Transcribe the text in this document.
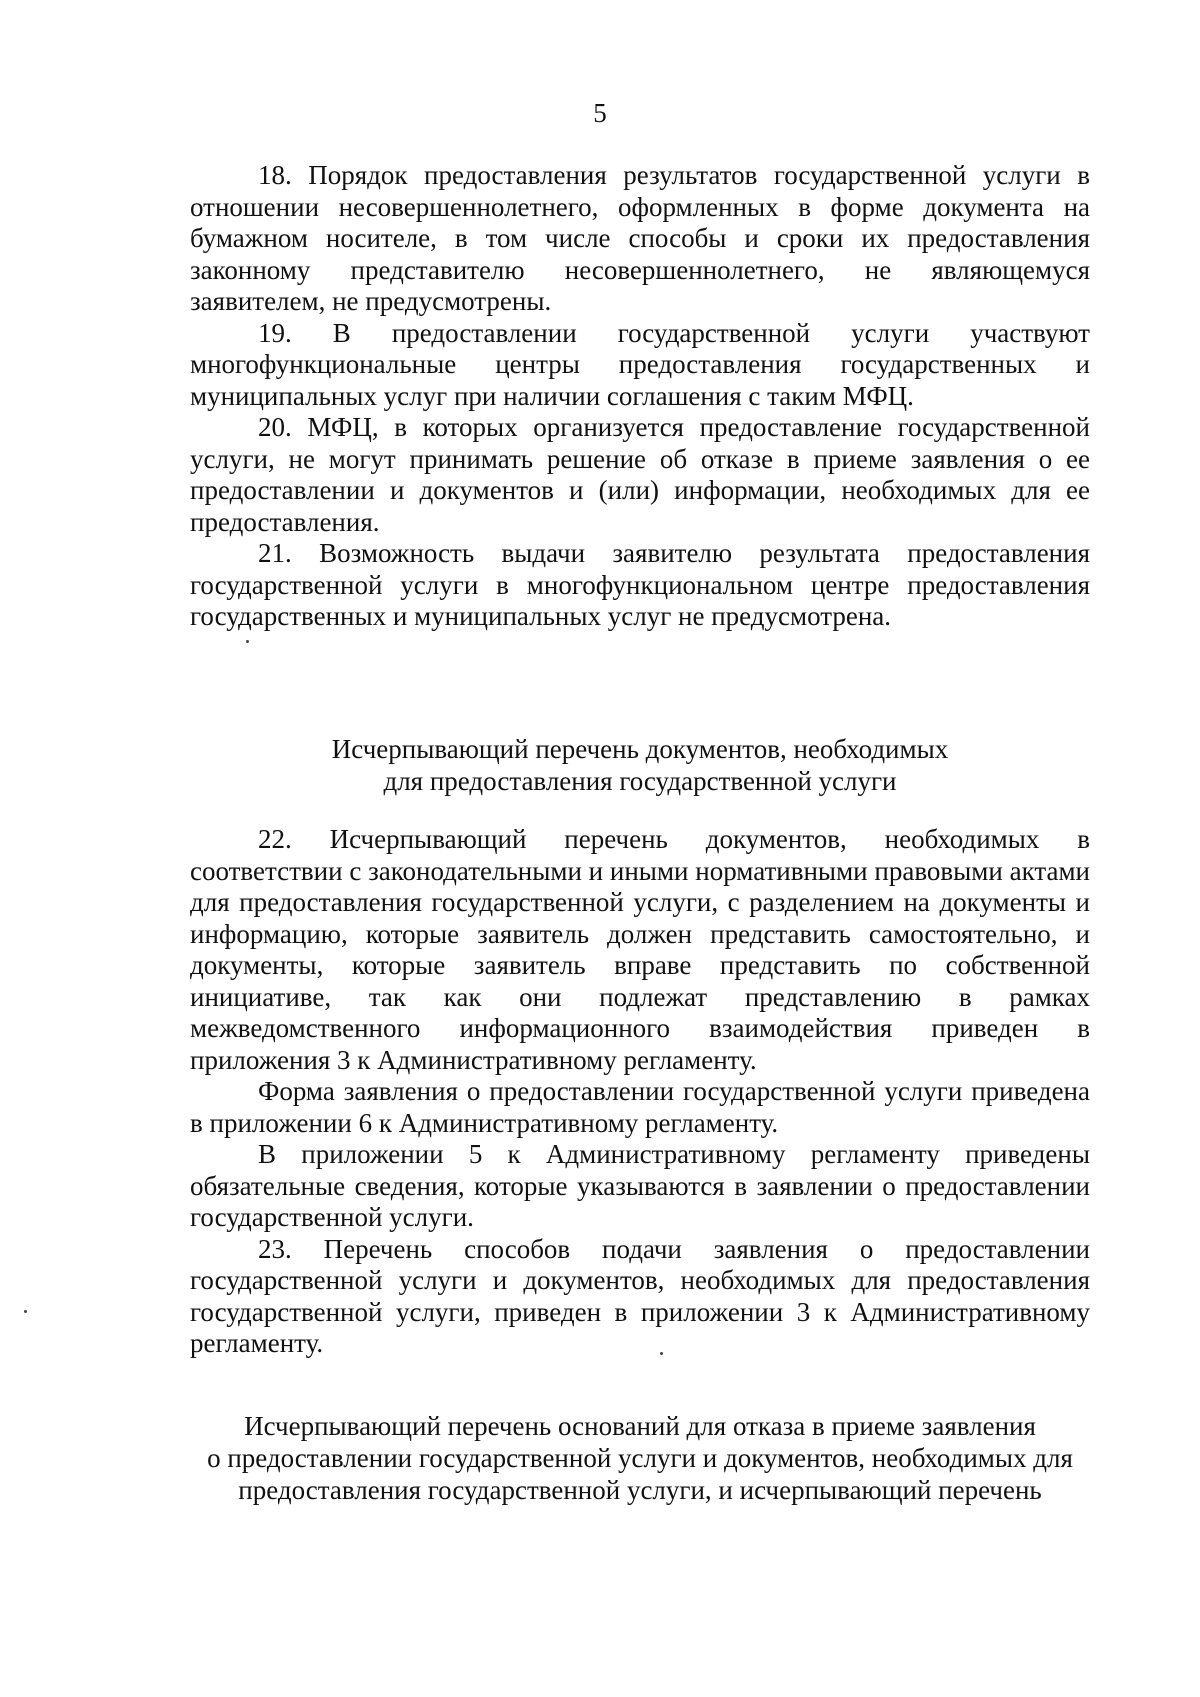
5

18. Порядок предоставления результатов государственной услуги в отношении несовершеннолетнего, оформленных в форме документа на бумажном носителе, в том числе способы и сроки их предоставления законному представителю несовершеннолетнего, не являющемуся заявителем, не предусмотрены.

19. В предоставлении государственной услуги участвуют многофункциональные центры предоставления государственных и муниципальных услуг при наличии соглашения с таким МФЦ.

20. МФЦ, в которых организуется предоставление государственной услуги, не могут принимать решение об отказе в приеме заявления о ее предоставлении и документов и (или) информации, необходимых для ее предоставления.

21. Возможность выдачи заявителю результата предоставления государственной услуги в многофункциональном центре предоставления государственных и муниципальных услуг не предусмотрена.

Исчерпывающий перечень документов, необходимых

для предоставления государственной услуги

22. Исчерпывающий перечень документов, необходимых в соответствии с законодательными и иными нормативными правовыми актами для предоставления государственной услуги, с разделением на документы и информацию, которые заявитель должен представить самостоятельно, и документы, которые заявитель вправе представить по собственной инициативе, так как они подлежат представлению в рамках межведомственного информационного взаимодействия приведен в приложения 3 к Административному регламенту.

Форма заявления о предоставлении государственной услуги приведена в приложении 6 к Административному регламенту.

В приложении 5 к Административному регламенту приведены обязательные сведения, которые указываются в заявлении о предоставлении государственной услуги.

23. Перечень способов подачи заявления о предоставлении государственной услуги и документов, необходимых для предоставления государственной услуги, приведен в приложении 3 к Административному регламенту.

Исчерпывающий перечень оснований для отказа в приеме заявления

о предоставлении государственной услуги и документов, необходимых для

предоставления государственной услуги, и исчерпывающий перечень
